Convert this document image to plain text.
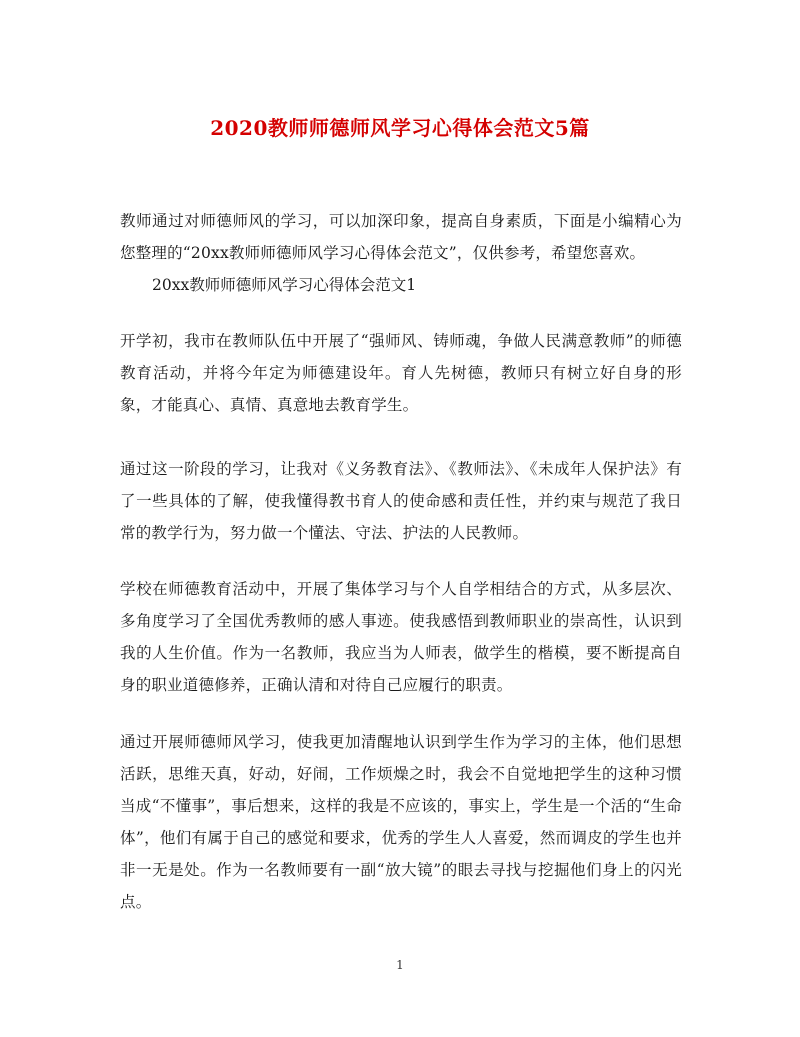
2020教师师德师风学习心得体会范文5篇
教师通过对师德师风的学习，可以加深印象，提高自身素质，下面是小编精心为您整理的“20xx教师师德师风学习心得体会范文”，仅供参考，希望您喜欢。
20xx教师师德师风学习心得体会范文1
开学初，我市在教师队伍中开展了“强师风、铸师魂，争做人民满意教师”的师德教育活动，并将今年定为师德建设年。育人先树德，教师只有树立好自身的形象，才能真心、真情、真意地去教育学生。
通过这一阶段的学习，让我对《义务教育法》、《教师法》、《未成年人保护法》有了一些具体的了解，使我懂得教书育人的使命感和责任性，并约束与规范了我日常的教学行为，努力做一个懂法、守法、护法的人民教师。
学校在师德教育活动中，开展了集体学习与个人自学相结合的方式，从多层次、多角度学习了全国优秀教师的感人事迹。使我感悟到教师职业的崇高性，认识到我的人生价值。作为一名教师，我应当为人师表，做学生的楷模，要不断提高自身的职业道德修养，正确认清和对待自己应履行的职责。
通过开展师德师风学习，使我更加清醒地认识到学生作为学习的主体，他们思想活跃，思维天真，好动，好闹，工作烦燥之时，我会不自觉地把学生的这种习惯当成“不懂事”，事后想来，这样的我是不应该的，事实上，学生是一个活的“生命体”，他们有属于自己的感觉和要求，优秀的学生人人喜爱，然而调皮的学生也并非一无是处。作为一名教师要有一副“放大镜”的眼去寻找与挖掘他们身上的闪光点。
1
